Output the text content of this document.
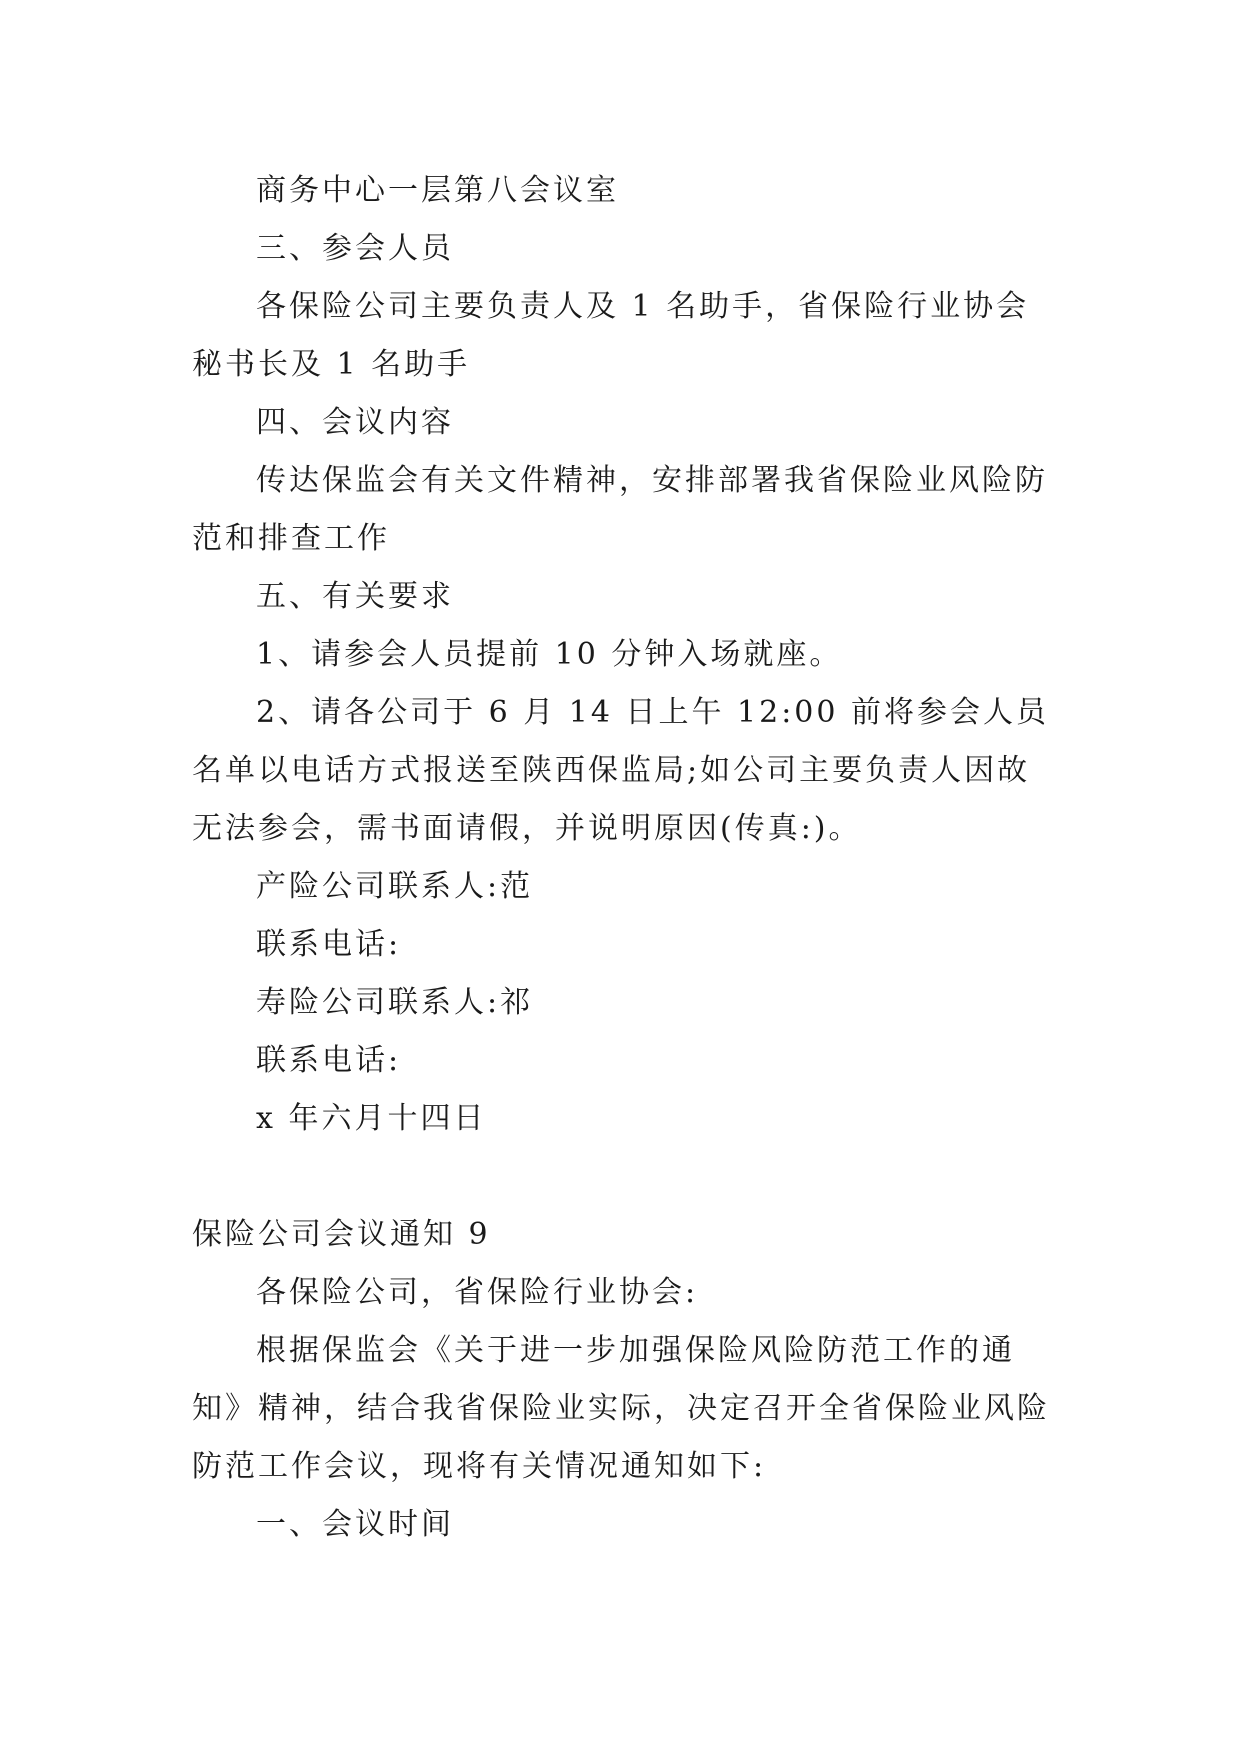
商务中心一层第八会议室

三、参会人员

各保险公司主要负责人及 1 名助手，省保险行业协会秘书长及 1 名助手

四、会议内容

传达保监会有关文件精神，安排部署我省保险业风险防范和排查工作

五、有关要求

1、请参会人员提前 10 分钟入场就座。

2、请各公司于 6 月 14 日上午 12:00 前将参会人员名单以电话方式报送至陕西保监局;如公司主要负责人因故无法参会，需书面请假，并说明原因(传真:)。

产险公司联系人:范

联系电话:

寿险公司联系人:祁

联系电话:

x 年六月十四日

保险公司会议通知 9

各保险公司，省保险行业协会:

根据保监会《关于进一步加强保险风险防范工作的通知》精神，结合我省保险业实际，决定召开全省保险业风险防范工作会议，现将有关情况通知如下:

一、会议时间
